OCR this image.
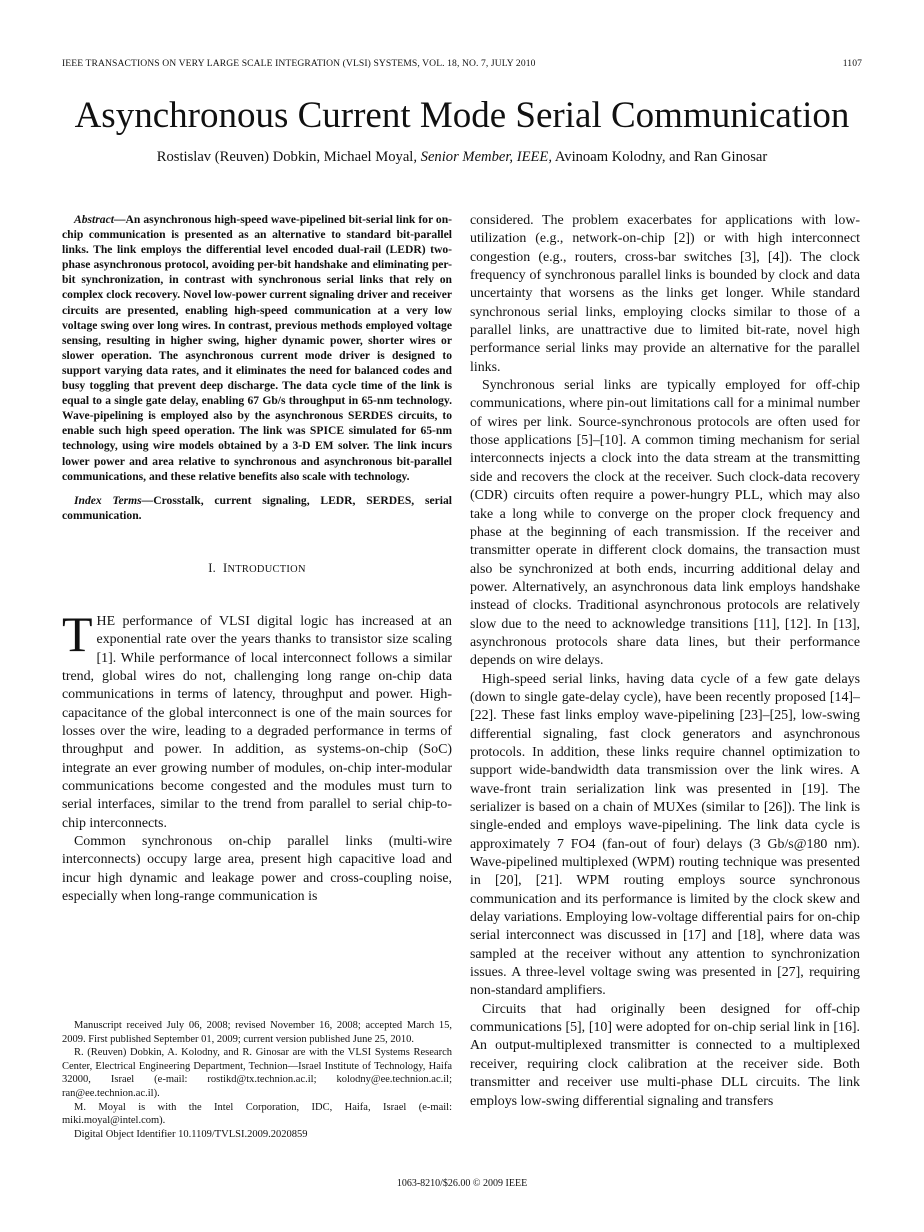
IEEE TRANSACTIONS ON VERY LARGE SCALE INTEGRATION (VLSI) SYSTEMS, VOL. 18, NO. 7, JULY 2010	1107
Asynchronous Current Mode Serial Communication
Rostislav (Reuven) Dobkin, Michael Moyal, Senior Member, IEEE, Avinoam Kolodny, and Ran Ginosar

Abstract—An asynchronous high-speed wave-pipelined bit-serial link for on-chip communication is presented as an alternative to standard bit-parallel links. The link employs the differential level encoded dual-rail (LEDR) two-phase asynchronous protocol, avoiding per-bit handshake and eliminating per-bit synchronization, in contrast with synchronous serial links that rely on complex clock recovery. Novel low-power current signaling driver and receiver circuits are presented, enabling high-speed communication at a very low voltage swing over long wires. In contrast, previous methods employed voltage sensing, resulting in higher swing, higher dynamic power, shorter wires or slower operation. The asynchronous current mode driver is designed to support varying data rates, and it eliminates the need for balanced codes and busy toggling that prevent deep discharge. The data cycle time of the link is equal to a single gate delay, enabling 67 Gb/s throughput in 65-nm technology. Wave-pipelining is employed also by the asynchronous SERDES circuits, to enable such high speed operation. The link was SPICE simulated for 65-nm technology, using wire models obtained by a 3-D EM solver. The link incurs lower power and area relative to synchronous and asynchronous bit-parallel communications, and these relative benefits also scale with technology.

Index Terms—Crosstalk, current signaling, LEDR, SERDES, serial communication.

I. INTRODUCTION

THE performance of VLSI digital logic has increased at an exponential rate over the years thanks to transistor size scaling [1]. While performance of local interconnect follows a similar trend, global wires do not, challenging long range on-chip data communications in terms of latency, throughput and power. High-capacitance of the global interconnect is one of the main sources for losses over the wire, leading to a degraded performance in terms of throughput and power. In addition, as systems-on-chip (SoC) integrate an ever growing number of modules, on-chip inter-modular communications become congested and the modules must turn to serial interfaces, similar to the trend from parallel to serial chip-to-chip interconnects.

Common synchronous on-chip parallel links (multi-wire interconnects) occupy large area, present high capacitive load and incur high dynamic and leakage power and cross-coupling noise, especially when long-range communication is

considered. The problem exacerbates for applications with low-utilization (e.g., network-on-chip [2]) or with high interconnect congestion (e.g., routers, cross-bar switches [3], [4]). The clock frequency of synchronous parallel links is bounded by clock and data uncertainty that worsens as the links get longer. While standard synchronous serial links, employing clocks similar to those of a parallel links, are unattractive due to limited bit-rate, novel high performance serial links may provide an alternative for the parallel links.

Synchronous serial links are typically employed for off-chip communications, where pin-out limitations call for a minimal number of wires per link. Source-synchronous protocols are often used for those applications [5]–[10]. A common timing mechanism for serial interconnects injects a clock into the data stream at the transmitting side and recovers the clock at the receiver. Such clock-data recovery (CDR) circuits often require a power-hungry PLL, which may also take a long while to converge on the proper clock frequency and phase at the beginning of each transmission. If the receiver and transmitter operate in different clock domains, the transaction must also be synchronized at both ends, incurring additional delay and power. Alternatively, an asynchronous data link employs handshake instead of clocks. Traditional asynchronous protocols are relatively slow due to the need to acknowledge transitions [11], [12]. In [13], asynchronous protocols share data lines, but their performance depends on wire delays.

High-speed serial links, having data cycle of a few gate delays (down to single gate-delay cycle), have been recently proposed [14]–[22]. These fast links employ wave-pipelining [23]–[25], low-swing differential signaling, fast clock generators and asynchronous protocols. In addition, these links require channel optimization to support wide-bandwidth data transmission over the link wires. A wave-front train serialization link was presented in [19]. The serializer is based on a chain of MUXes (similar to [26]). The link is single-ended and employs wave-pipelining. The link data cycle is approximately 7 FO4 (fan-out of four) delays (3 Gb/s@180 nm). Wave-pipelined multiplexed (WPM) routing technique was presented in [20], [21]. WPM routing employs source synchronous communication and its performance is limited by the clock skew and delay variations. Employing low-voltage differential pairs for on-chip serial interconnect was discussed in [17] and [18], where data was sampled at the receiver without any attention to synchronization issues. A three-level voltage swing was presented in [27], requiring non-standard amplifiers.

Circuits that had originally been designed for off-chip communications [5], [10] were adopted for on-chip serial link in [16]. An output-multiplexed transmitter is connected to a multiplexed receiver, requiring clock calibration at the receiver side. Both transmitter and receiver use multi-phase DLL circuits. The link employs low-swing differential signaling and transfers

Manuscript received July 06, 2008; revised November 16, 2008; accepted March 15, 2009. First published September 01, 2009; current version published June 25, 2010.

R. (Reuven) Dobkin, A. Kolodny, and R. Ginosar are with the VLSI Systems Research Center, Electrical Engineering Department, Technion—Israel Institute of Technology, Haifa 32000, Israel (e-mail: rostikd@tx.technion.ac.il; kolodny@ee.technion.ac.il; ran@ee.technion.ac.il).

M. Moyal is with the Intel Corporation, IDC, Haifa, Israel (e-mail: miki.moyal@intel.com).

Digital Object Identifier 10.1109/TVLSI.2009.2020859

1063-8210/$26.00 © 2009 IEEE
